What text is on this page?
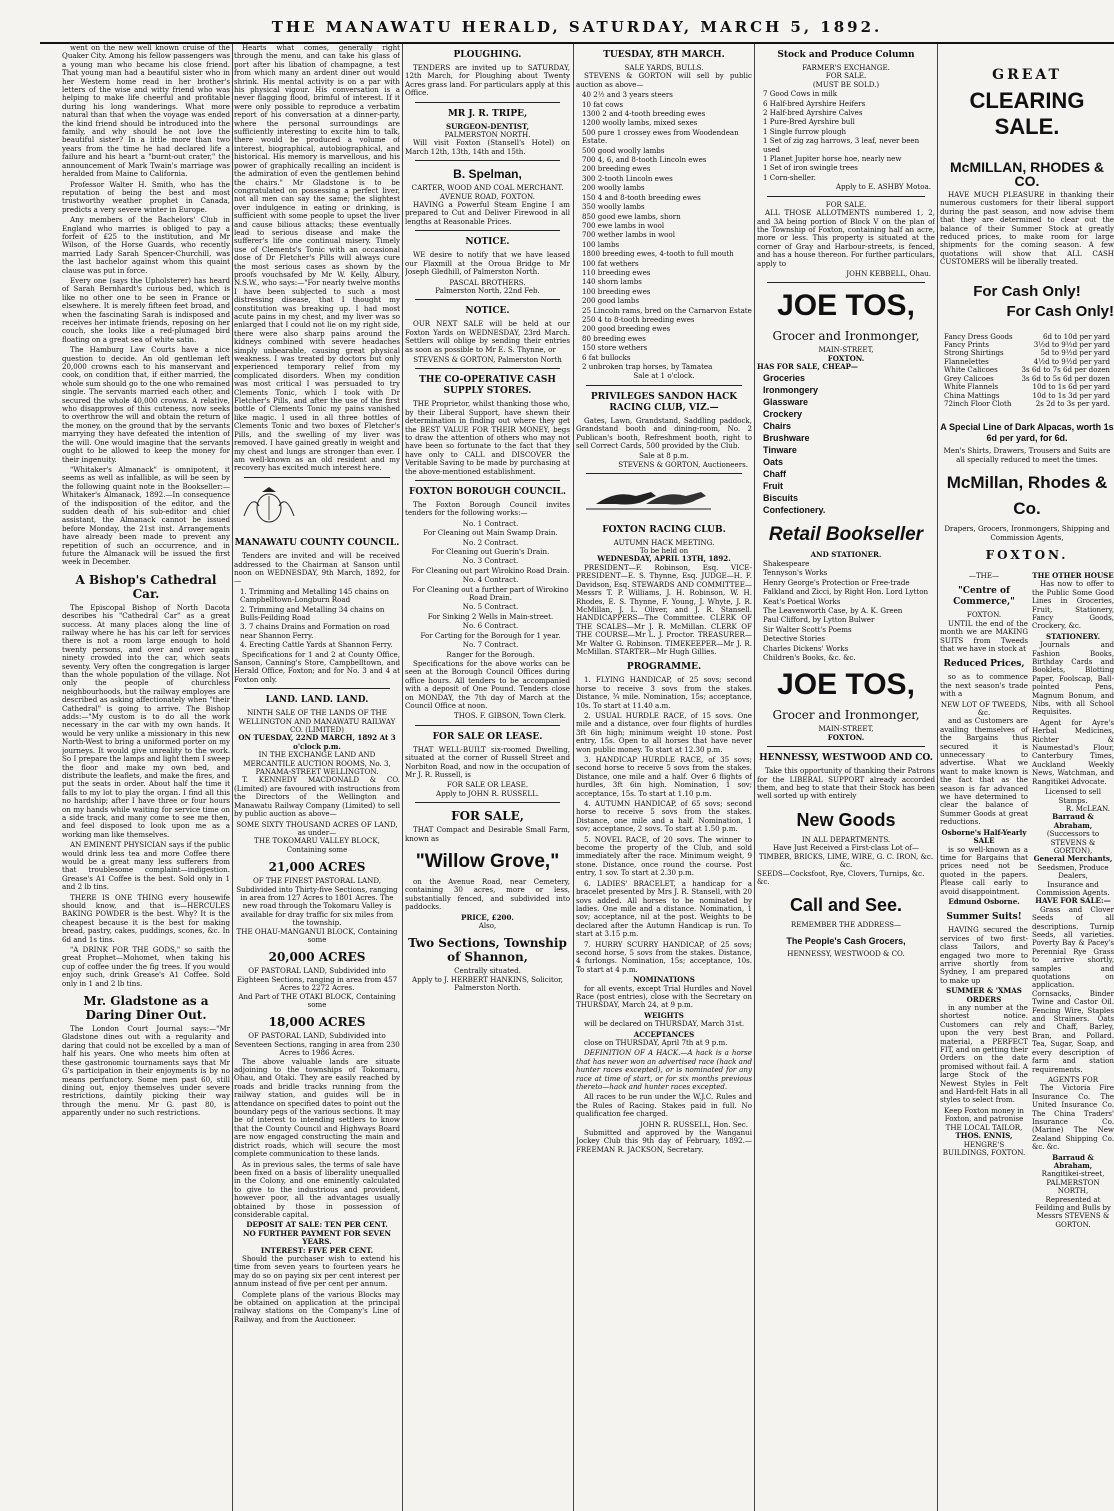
THE MANAWATU HERALD, SATURDAY, MARCH 5, 1892.

went on the new well known cruise of the Quaker City. Among his fellow passengers was a young man who became his close friend. That young man had a beautiful sister who in her Western home read in her brother's letters of the wise and witty friend who was helping to make life cheerful and profitable during his long wanderings. What more natural than that when the voyage was ended the kind friend should be introduced into the family, and why should he not love the beautiful sister? In a little more than two years from the time he had declared life a failure and his heart a "burnt-out crater," the announcement of Mark Twain's marriage was heralded from Maine to California.

Professor Walter H. Smith, who has the reputation of being the best and most trustworthy weather prophet in Canada, predicts a very severe winter in Europe.

Any members of the Bachelors' Club in England who marries is obliged to pay a forfeit of £25 to the institution, and Mr Wilson, of the Horse Guards, who recently married Lady Sarah Spencer-Churchill, was the last bachelor against whom this quaint clause was put in force.

Every one (says the Upholsterer) has heard of Sarah Bernhardt's curious bed, which is like no other one to be seen in France or elsewhere. It is merely fifteen feet broad, and when the fascinating Sarah is indisposed and receives her intimate friends, reposing on her couch, she looks like a red-plumaged bird floating on a great sea of white satin.

The Hamburg Law Courts have a nice question to decide. An old gentleman left 20,000 crowns each to his manservant and cook, on condition that, if either married, the whole sum should go to the one who remained single. The servants married each other, and secured the whole 40,000 crowns. A relative, who disapproves of this cuteness, now seeks to overthrow the will and obtain the return of the money, on the ground that by the servants marrying they have defeated the intention of the will. One would imagine that the servants ought to be allowed to keep the money for their ingenuity.

"Whitaker's Almanack" is omnipotent, it seems as well as infallible, as will be seen by the following quaint note in the Bookseller:— Whitaker's Almanack, 1892.—In consequence of the indisposition of the editor, and the sudden death of his sub-editor and chief assistant, the Almanack cannot be issued before Monday, the 21st inst. Arrangements have already been made to prevent any repetition of such an occurrence, and in future the Almanack will be issued the first week in December.

A Bishop's Cathedral Car.

The Episcopal Bishop of North Dacota describes his "Cathedral Car" as a great success. At many places along the line of railway where he has his car left for services there is not a room large enough to hold twenty persons, and over and over again ninety crowded into the car, which seats seventy. Very often the congregation is larger than the whole population of the village. Not only the people of churchless neighbourhoods, but the railway employes are described as asking affectionately when "their Cathedral" is going to arrive. The Bishop adds:—"My custom is to do all the work necessary in the car with my own hands. It would be very unlike a missionary in this new North-West to bring a uniformed porter on my journeys. It would give unreality to the work. So I prepare the lamps and light them I sweep the floor and make my own bed, and distribute the leaflets, and make the fires, and put the seats in order. About half the time it falls to my lot to play the organ. I find all this no hardship; after I have three or four hours on my hands while waiting for service time on a side track, and many come to see me then, and feel disposed to look upon me as a working man like themselves.

AN EMINENT PHYSICIAN says if the public would drink less tea and more Coffee there would be a great many less sufferers from that troublesome complaint—indigestion. Grease's A1 Coffee is the best. Sold only in 1 and 2 lb tins.

THERE IS ONE THING every housewife should know, and that is—HERCULES BAKING POWDER is the best. Why? It is the cheapest because it is the best for making bread, pastry, cakes, puddings, scones, &c. In 6d and 1s tins.

"A DRINK FOR THE GODS," so saith the great Prophet—Mohomet, when taking his cup of coffee under the fig trees. If you would enjoy such, drink Grease's A1 Coffee. Sold only in 1 and 2 lb tins.

Mr. Gladstone as a Daring Diner Out.

The London Court Journal says:—"Mr Gladstone dines out with a regularity and daring that could not be excelled by a man of half his years. One who meets him often at these gastronomic tournaments says that Mr G's participation in their enjoyments is by no means perfunctory. Some men past 60, still dining out, enjoy themselves under severe restrictions, daintily picking their way through the menu. Mr G. past 80, is apparently under no such restrictions.

Hearts what comes, generally right through the menu, and can take his glass of port after his libation of champagne, a test from which many an ardent diner out would shrink. His mental activity is on a par with his physical vigour. His conversation is a never flagging flood, brimful of interest. If it were only possible to reproduce a verbatim report of his conversation at a dinner-party, where the personal surroundings are sufficiently interesting to excite him to talk, there would be produced a volume of interest, biographical, autobiographical, and historical. His memory is marvellous, and his power of graphically recalling an incident is the admiration of even the gentlemen behind the chairs." Mr Gladstone is to be congratulated on possessing a perfect liver, not all men can say the same; the slightest over indulgence in eating or drinking, is sufficient with some people to upset the liver and cause bilious attacks; these eventually lead to serious disease and make the sufferer's life one continual misery. Timely use of Clements's Tonic with an occasional dose of Dr Fletcher's Pills will always cure the most serious cases as shown by the proofs vouchsafed by Mr W. Kelly, Albury, N.S.W., who says:—"For nearly twelve months I have been subjected to such a most distressing disease, that I thought my constitution was breaking up. I had most acute pains in my chest, and my liver was so enlarged that I could not lie on my right side, there were also sharp pains around the kidneys combined with severe headaches simply unbearable, causing great physical weakness. I was treated by doctors but only experienced temporary relief from my complicated disorders. When my condition was most critical I was persuaded to try Clements Tonic, which I took with Dr Fletcher's Pills, and after the use of the first bottle of Clements Tonic my pains vanished like magic. I used in all three bottles of Clements Tonic and two boxes of Fletcher's Pills, and the swelling of my liver was removed. I have gained greatly in weight and my chest and lungs are stronger than ever. I am well-known as an old resident and my recovery has excited much interest here.

MANAWATU COUNTY COUNCIL.

Tenders are invited and will be received addressed to the Chairman at Sanson until noon on WEDNESDAY, 9th March, 1892, for—

1. Trimming and Metalling 145 chains on Campbelltown-Longburn Road
2. Trimming and Metalling 34 chains on Bulls-Feilding Road
3. 7 chains Drains and Formation on road near Shannon Ferry.
4. Erecting Cattle Yards at Shannon Ferry.

Specifications for 1 and 2 at County Office, Sanson, Canning's Store, Campbelltown, and Herald Office, Foxton; and for No. 3 and 4 at Foxton only.

LAND. LAND. LAND.
NINTH SALE OF THE LANDS OF THE WELLINGTON AND MANAWATU RAILWAY CO. (LIMITED)
ON TUESDAY, 22ND MARCH, 1892 At 3 o'clock p.m.
IN THE EXCHANGE LAND AND MERCANTILE AUCTION ROOMS, No. 3, PANAMA-STREET WELLINGTON.

T. KENNEDY MACDONALD & CO. (Limited) are favoured with instructions from the Directors of the Wellington and Manawatu Railway Company (Limited) to sell by public auction as above—

SOME SIXTY THOUSAND ACRES OF LAND, as under—
THE TOKOMARU VALLEY BLOCK, Containing some
21,000 ACRES
OF THE FINEST PASTORAL LAND, Subdivided into Thirty-five Sections, ranging in area from 127 Acres to 1801 Acres. The new road through the Tokomaru Valley is available for dray traffic for six miles from the township.
THE OHAU-MANGANUI BLOCK, Containing some
20,000 ACRES
OF PASTORAL LAND, Subdivided into Eighteen Sections, ranging in area from 457 Acres to 2272 Acres.
And Part of THE OTAKI BLOCK, Containing some
18,000 ACRES
OF PASTORAL LAND, Subdivided into Seventeen Sections, ranging in area from 230 Acres to 1986 Acres.

The above valuable lands are situate adjoining to the townships of Tokomaru, Ohau, and Otaki. They are easily reached by roads and bridle tracks running from the railway station, and guides will be in attendance on specified dates to point out the boundary pegs of the various sections. It may be of interest to intending settlers to know that the County Council and Highways Board are now engaged constructing the main and district roads, which will secure the most complete communication to these lands.

As in previous sales, the terms of sale have been fixed on a basis of liberality unequalled in the Colony, and one eminently calculated to give to the industrious and provident, however poor, all the advantages usually obtained by those in possession of considerable capital.

DEPOSIT AT SALE: TEN PER CENT.
NO FURTHER PAYMENT FOR SEVEN YEARS.
INTEREST: FIVE PER CENT.

Should the purchaser wish to extend his time from seven years to fourteen years he may do so on paying six per cent interest per annum instead of five per cent per annum.

Complete plans of the various Blocks may be obtained on application at the principal railway stations on the Company's Line of Railway, and from the Auctioneer.

PLOUGHING.

TENDERS are invited up to SATURDAY, 12th March, for Ploughing about Twenty Acres grass land. For particulars apply at this Office.

MR J. R. TRIPE,
SURGEON-DENTIST,
PALMERSTON NORTH.

Will visit Foxton (Stansell's Hotel) on March 12th, 13th, 14th and 15th.

B. Spelman,
CARTER, WOOD AND COAL MERCHANT.
AVENUE ROAD, FOXTON.

HAVING a Powerful Steam Engine I am prepared to Cut and Deliver Firewood in all lengths at Reasonable Prices.

NOTICE.

WE desire to notify that we have leased our Flaxmill at the Oroua Bridge to Mr Joseph Gledhill, of Palmerston North.

PASCAL BROTHERS.
Palmerston North, 22nd Feb.
NOTICE.

OUR NEXT SALE will be held at our Foxton Yards on WEDNESDAY, 23rd March. Settlers will oblige by sending their entries as soon as possible to Mr E. S. Thynne, or

STEVENS & GORTON, Palmerston North
THE CO-OPERATIVE CASH SUPPLY STORES.

THE Proprietor, whilst thanking those who, by their Liberal Support, have shewn their determination in finding out where they get the BEST VALUE FOR THEIR MONEY, begs to draw the attention of others who may not have been so fortunate to the fact that they have only to CALL and DISCOVER the Veritable Saving to be made by purchasing at the above-mentioned establishment.

FOXTON BOROUGH COUNCIL.

The Foxton Borough Council invites tenders for the following works:—

No. 1 Contract.
For Cleaning out Main Swamp Drain.
No. 2 Contract.
For Cleaning out Guerin's Drain.
No. 3 Contract.
For Cleaning out part Wirokino Road Drain.
No. 4 Contract.
For Cleaning out a further part of Wirokino Road Drain.
No. 5 Contract.
For Sinking 2 Wells in Main-street.
No. 6 Contract.
For Carting for the Borough for 1 year.
No. 7 Contract.
Ranger for the Borough.

Specifications for the above works can be seen at the Borough Council Offices during office hours. All tenders to be accompanied with a deposit of One Pound. Tenders close on MONDAY, the 7th day of March at the Council Office at noon.

THOS. F. GIBSON, Town Clerk.
FOR SALE OR LEASE.

THAT WELL-BUILT six-roomed Dwelling, situated at the corner of Russell Street and Norbiton Road, and now in the occupation of Mr J. R. Russell, is

FOR SALE OR LEASE.
Apply to JOHN R. RUSSELL.
FOR SALE,

THAT Compact and Desirable Small Farm, known as

"Willow Grove,"

on the Avenue Road, near Cemetery, containing 30 acres, more or less, substantially fenced, and subdivided into paddocks.

PRICE, £200.
Also,
Two Sections, Township of Shannon,
Centrally situated.
Apply to J. HERBERT HANKINS, Solicitor, Palmerston North.
TUESDAY, 8TH MARCH.
SALE YARDS, BULLS.

STEVENS & GORTON will sell by public auction as above—

40 2½ and 3 years steers
10 fat cows
1300 2 and 4-tooth breeding ewes
1200 woolly lambs, mixed sexes
500 pure 1 crossey ewes from Woodendean Estate.
500 good woolly lambs
700 4, 6, and 8-tooth Lincoln ewes
200 breeding ewes
300 2-tooth Lincoln ewes
200 woolly lambs
150 4 and 8-tooth breeding ewes
350 woolly lambs
850 good ewe lambs, shorn
700 ewe lambs in wool
700 wether lambs in wool
100 lambs
1800 breeding ewes, 4-tooth to full mouth
100 fat wethers
110 breeding ewes
140 shorn lambs
100 breeding ewes
200 good lambs
25 Lincoln rams, bred on the Carnarvon Estate
250 4 to 8-tooth breeding ewes
200 good breeding ewes
80 breeding ewes
150 store wethers
6 fat bullocks
2 unbroken trap horses, by Tamatea
Sale at 1 o'clock.
PRIVILEGES SANDON HACK RACING CLUB, VIZ.—

Gates, Lawn, Grandstand, Saddling paddock, Grandstand booth and dining-room, No. 2 Publican's booth, Refreshment booth, right to sell Correct Cards, 500 provided by the Club.

Sale at 8 p.m.
STEVENS & GORTON, Auctioneers.
FOXTON RACING CLUB.
AUTUMN HACK MEETING.
To be held on
WEDNESDAY, APRIL 13TH, 1892.

PRESIDENT—F. Robinson, Esq. VICE-PRESIDENT—E. S. Thynne, Esq. JUDGE—H. F. Davidson, Esq. STEWARDS AND COMMITTEE—Messrs T. P. Williams, J. H. Robinson, W. H. Rhodes, E. S. Thynne, F. Young, J. Whyte, J. R. McMillan, J. L. Oliver, and J. R. Stansell. HANDICAPPERS—The Committee. CLERK OF THE SCALES—Mr J. R. McMillan. CLERK OF THE COURSE—Mr L. J. Proctor. TREASURER—Mr Walter G. Robinson. TIMEKEEPER—Mr J. R. McMillan. STARTER—Mr Hugh Gillies.

PROGRAMME.

1. FLYING HANDICAP, of 25 sovs; second horse to receive 3 sovs from the stakes. Distance, ¾ mile. Nomination, 15s; acceptance, 10s. To start at 11.40 a.m.

2. USUAL HURDLE RACE, of 15 sovs. One mile and a distance, over four flights of hurdles 3ft 6in high; minimum weight 10 stone. Post entry, 15s. Open to all horses that have never won public money. To start at 12.30 p.m.

3. HANDICAP HURDLE RACE, of 35 sovs; second horse to receive 5 sovs from the stakes. Distance, one mile and a half. Over 6 flights of hurdles, 3ft 6in high. Nomination, 1 sov; acceptance, 15s. To start at 1.10 p.m.

4. AUTUMN HANDICAP, of 65 sovs; second horse to receive 5 sovs from the stakes. Distance, one mile and a half. Nomination, 1 sov; acceptance, 2 sovs. To start at 1.50 p.m.

5. NOVEL RACE, of 20 sovs. The winner to become the property of the Club, and sold immediately after the race. Minimum weight, 9 stone. Distance, once round the course. Post entry, 1 sov. To start at 2.30 p.m.

6. LADIES' BRACELET, a handicap for a bracelet presented by Mrs J. R. Stansell, with 20 sovs added. All horses to be nominated by ladies. One mile and a distance. Nomination, 1 sov; acceptance, nil at the post. Weights to be declared after the Autumn Handicap is run. To start at 3.15 p.m.

7. HURRY SCURRY HANDICAP, of 25 sovs; second horse, 5 sovs from the stakes. Distance, 4 furlongs. Nomination, 15s; acceptance, 10s. To start at 4 p.m.

NOMINATIONS

for all events, except Trial Hurdles and Novel Race (post entries), close with the Secretary on THURSDAY, March 24, at 9 p.m.

WEIGHTS

will be declared on THURSDAY, March 31st.

ACCEPTANCES

close on THURSDAY, April 7th at 9 p.m.

DEFINITION OF A HACK.—A hack is a horse that has never won an advertised race (hack and hunter races excepted), or is nominated for any race at time of start, or for six months previous thereto—hack and hunter races excepted.

All races to be run under the W.J.C. Rules and the Rules of Racing. Stakes paid in full. No qualification fee charged.

JOHN R. RUSSELL, Hon. Sec.

Submitted and approved by the Wanganui Jockey Club this 9th day of February, 1892.—FREEMAN R. JACKSON, Secretary.

Stock and Produce Column
FARMER'S EXCHANGE.
FOR SALE.
(MUST BE SOLD.)
7 Good Cows in milk
6 Half-bred Ayrshire Heifers
2 Half-bred Ayrshire Calves
1 Pure-Bred Ayrshire bull
1 Single furrow plough
1 Set of zig zag harrows, 3 leaf, never been used
1 Planet Jupiter horse hoe, nearly new
1 Set of iron swingle trees
1 Corn-sheller.
Apply to E. ASHBY Motoa.
FOR SALE.

ALL THOSE ALLOTMENTS numbered 1, 2, and 3A being portion of Block V on the plan of the Township of Foxton, containing half an acre, more or less. This property is situated at the corner of Gray and Harbour-streets, is fenced, and has a house thereon. For further particulars, apply to

JOHN KEBBELL, Ohau.
JOE TOS,
Grocer and Ironmonger,
MAIN-STREET,
FOXTON.
HAS FOR SALE, CHEAP—
Groceries
Ironmongery
Glassware
Crockery
Chairs
Brushware
Tinware
Oats
Chaff
Fruit
Biscuits
Confectionery.
Retail Bookseller
AND STATIONER.
Shakespeare
Tennyson's Works
Henry George's Protection or Free-trade
Falkland and Zicci, by Right Hon. Lord Lytton
Keat's Poetical Works
The Leavenworth Case, by A. K. Green
Paul Clifford, by Lytton Bulwer
Sir Walter Scott's Poems
Detective Stories
Charles Dickens' Works
Children's Books, &c. &c.
JOE TOS,
Grocer and Ironmonger,
MAIN-STREET,
FOXTON.
HENNESSY, WESTWOOD AND CO.

Take this opportunity of thanking their Patrons for the LIBERAL SUPPORT already accorded them, and beg to state that their Stock has been well sorted up with entirely

New Goods
IN ALL DEPARTMENTS.
Have Just Received a First-class Lot of—
TIMBER, BRICKS, LIME, WIRE, G. C. IRON, &c. &c.
SEEDS—Cocksfoot, Rye, Clovers, Turnips, &c. &c.
Call and See.
REMEMBER THE ADDRESS—
The People's Cash Grocers,
HENNESSY, WESTWOOD & CO.
GREAT
CLEARING SALE.
McMILLAN, RHODES & CO.

HAVE MUCH PLEASURE in thanking their numerous customers for their liberal support during the past season, and now advise them that they are determined to clear out the balance of their Summer Stock at greatly reduced prices, to make room for large shipments for the coming season. A few quotations will show that ALL CASH CUSTOMERS will be liberally treated.

For Cash Only!
For Cash Only!
Fancy Dress Goods	6d to 10d per yard
Fancy Prints	3½d to 9½d per yard
Strong Shirtings	5d to 9½d per yard
Flannelettes	4½d to 9½d per yard
White Calicoes	3s 6d to 7s 6d per dozen
Grey Calicoes	3s 6d to 5s 6d per dozen
White Flannels	10d to 1s 6d per yard
China Mattings	10d to 1s 3d per yard
72inch Floor Cloth	2s 2d to 3s per yard.
A Special Line of Dark Alpacas, worth 1s 6d per yard, for 6d.
Men's Shirts, Drawers, Trousers and Suits are all specially reduced to meet the times.
McMillan, Rhodes & Co.
Drapers, Grocers, Ironmongers, Shipping and Commission Agents,
FOXTON.
—THE—
"Centre of Commerce,"
FOXTON.

UNTIL the end of the month we are MAKING SUITS from Tweeds that we have in stock at

Reduced Prices,

so as to commence the next season's trade with a

NEW LOT OF TWEEDS, &c.

and as Customers are availing themselves of the Bargains thus secured it is unnecessary to advertise. What we want to make known is the fact that as the season is far advanced we have determined to clear the balance of Summer Goods at great reductions.

Osborne's Half-Yearly SALE

is so well-known as a time for Bargains that prices need not be quoted in the papers. Please call early to avoid disappointment.

Edmund Osborne.
Summer Suits!

HAVING secured the services of two first-class Tailors, and engaged two more to arrive shortly from Sydney, I am prepared to make up

SUMMER & 'XMAS ORDERS

in any number at the shortest notice. Customers can rely upon the very best material, a PERFECT FIT, and on getting their Orders on the date promised without fail. A large Stock of the Newest Styles in Felt and Hard-felt Hats in all styles to select from.

Keep Foxton money in Foxton, and patronise
THE LOCAL TAILOR,
THOS. ENNIS,
HENGRE'S BUILDINGS, FOXTON.
THE OTHER HOUSE

Has now to offer to the Public Some Good Lines in Groceries, Fruit, Stationery, Fancy Goods, Crockery, &c.

STATIONERY.

Journals and Fashion Books, Birthday Cards and Booklets, Blotting Paper, Foolscap, Ball-pointed Pens, Magnum Bonum, and Nibs, with all School Requisites.

Agent for Ayre's Herbal Medicines, Richter & Naumestad's Flour, Canterbury Times, Auckland Weekly News, Watchman, and Rangitikei Advocate.

Licensed to sell Stamps.
R. McLEAN.
Barraud & Abraham,
(Successors to STEVENS & GORTON),
General Merchants,
Seedsmen, Produce Dealers,
Insurance and Commission Agents.
HAVE FOR SALE:—

Grass and Clover Seeds of all descriptions. Turnip Seeds, all varieties. Poverty Bay & Pacey's Perennial Rye Grass to arrive shortly, samples and quotations on application. Cornsacks, Binder Twine and Castor Oil. Fencing Wire, Staples and Strainers. Oats and Chaff, Barley, Bran, and Pollard. Tea, Sugar, Soap, and every description of farm and station requirements.

AGENTS FOR

The Victoria Fire Insurance Co. The United Insurance Co. The China Traders' Insurance Co. (Marine) The New Zealand Shipping Co. &c. &c.

Barraud & Abraham,
Rangitikei-street,
PALMERSTON NORTH,
Represented at Feilding and Bulls by Messrs STEVENS & GORTON.
